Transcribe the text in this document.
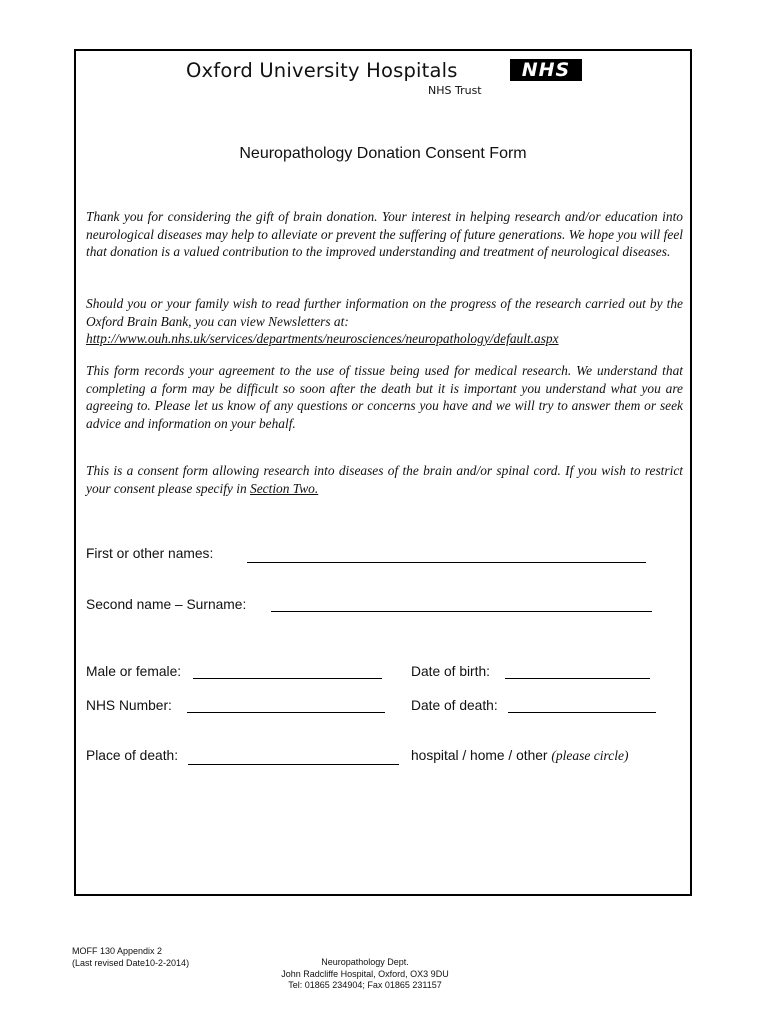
Oxford University Hospitals	NHS
NHS Trust
Neuropathology Donation Consent Form

Thank you for considering the gift of brain donation. Your interest in helping research and/or education into neurological diseases may help to alleviate or prevent the suffering of future generations. We hope you will feel that donation is a valued contribution to the improved understanding and treatment of neurological diseases.

Should you or your family wish to read further information on the progress of the research carried out by the Oxford Brain Bank, you can view Newsletters at:
http://www.ouh.nhs.uk/services/departments/neurosciences/neuropathology/default.aspx

This form records your agreement to the use of tissue being used for medical research. We understand that completing a form may be difficult so soon after the death but it is important you understand what you are agreeing to. Please let us know of any questions or concerns you have and we will try to answer them or seek advice and information on your behalf.

This is a consent form allowing research into diseases of the brain and/or spinal cord. If you wish to restrict your consent please specify in Section Two.

First or other names:
Second name – Surname:
Male or female:	Date of birth:
NHS Number:	Date of death:
Place of death:	hospital / home / other (please circle)
MOFF 130 Appendix 2
(Last revised Date10-2-2014)	Neuropathology Dept.
John Radcliffe Hospital, Oxford, OX3 9DU
Tel: 01865 234904; Fax 01865 231157
